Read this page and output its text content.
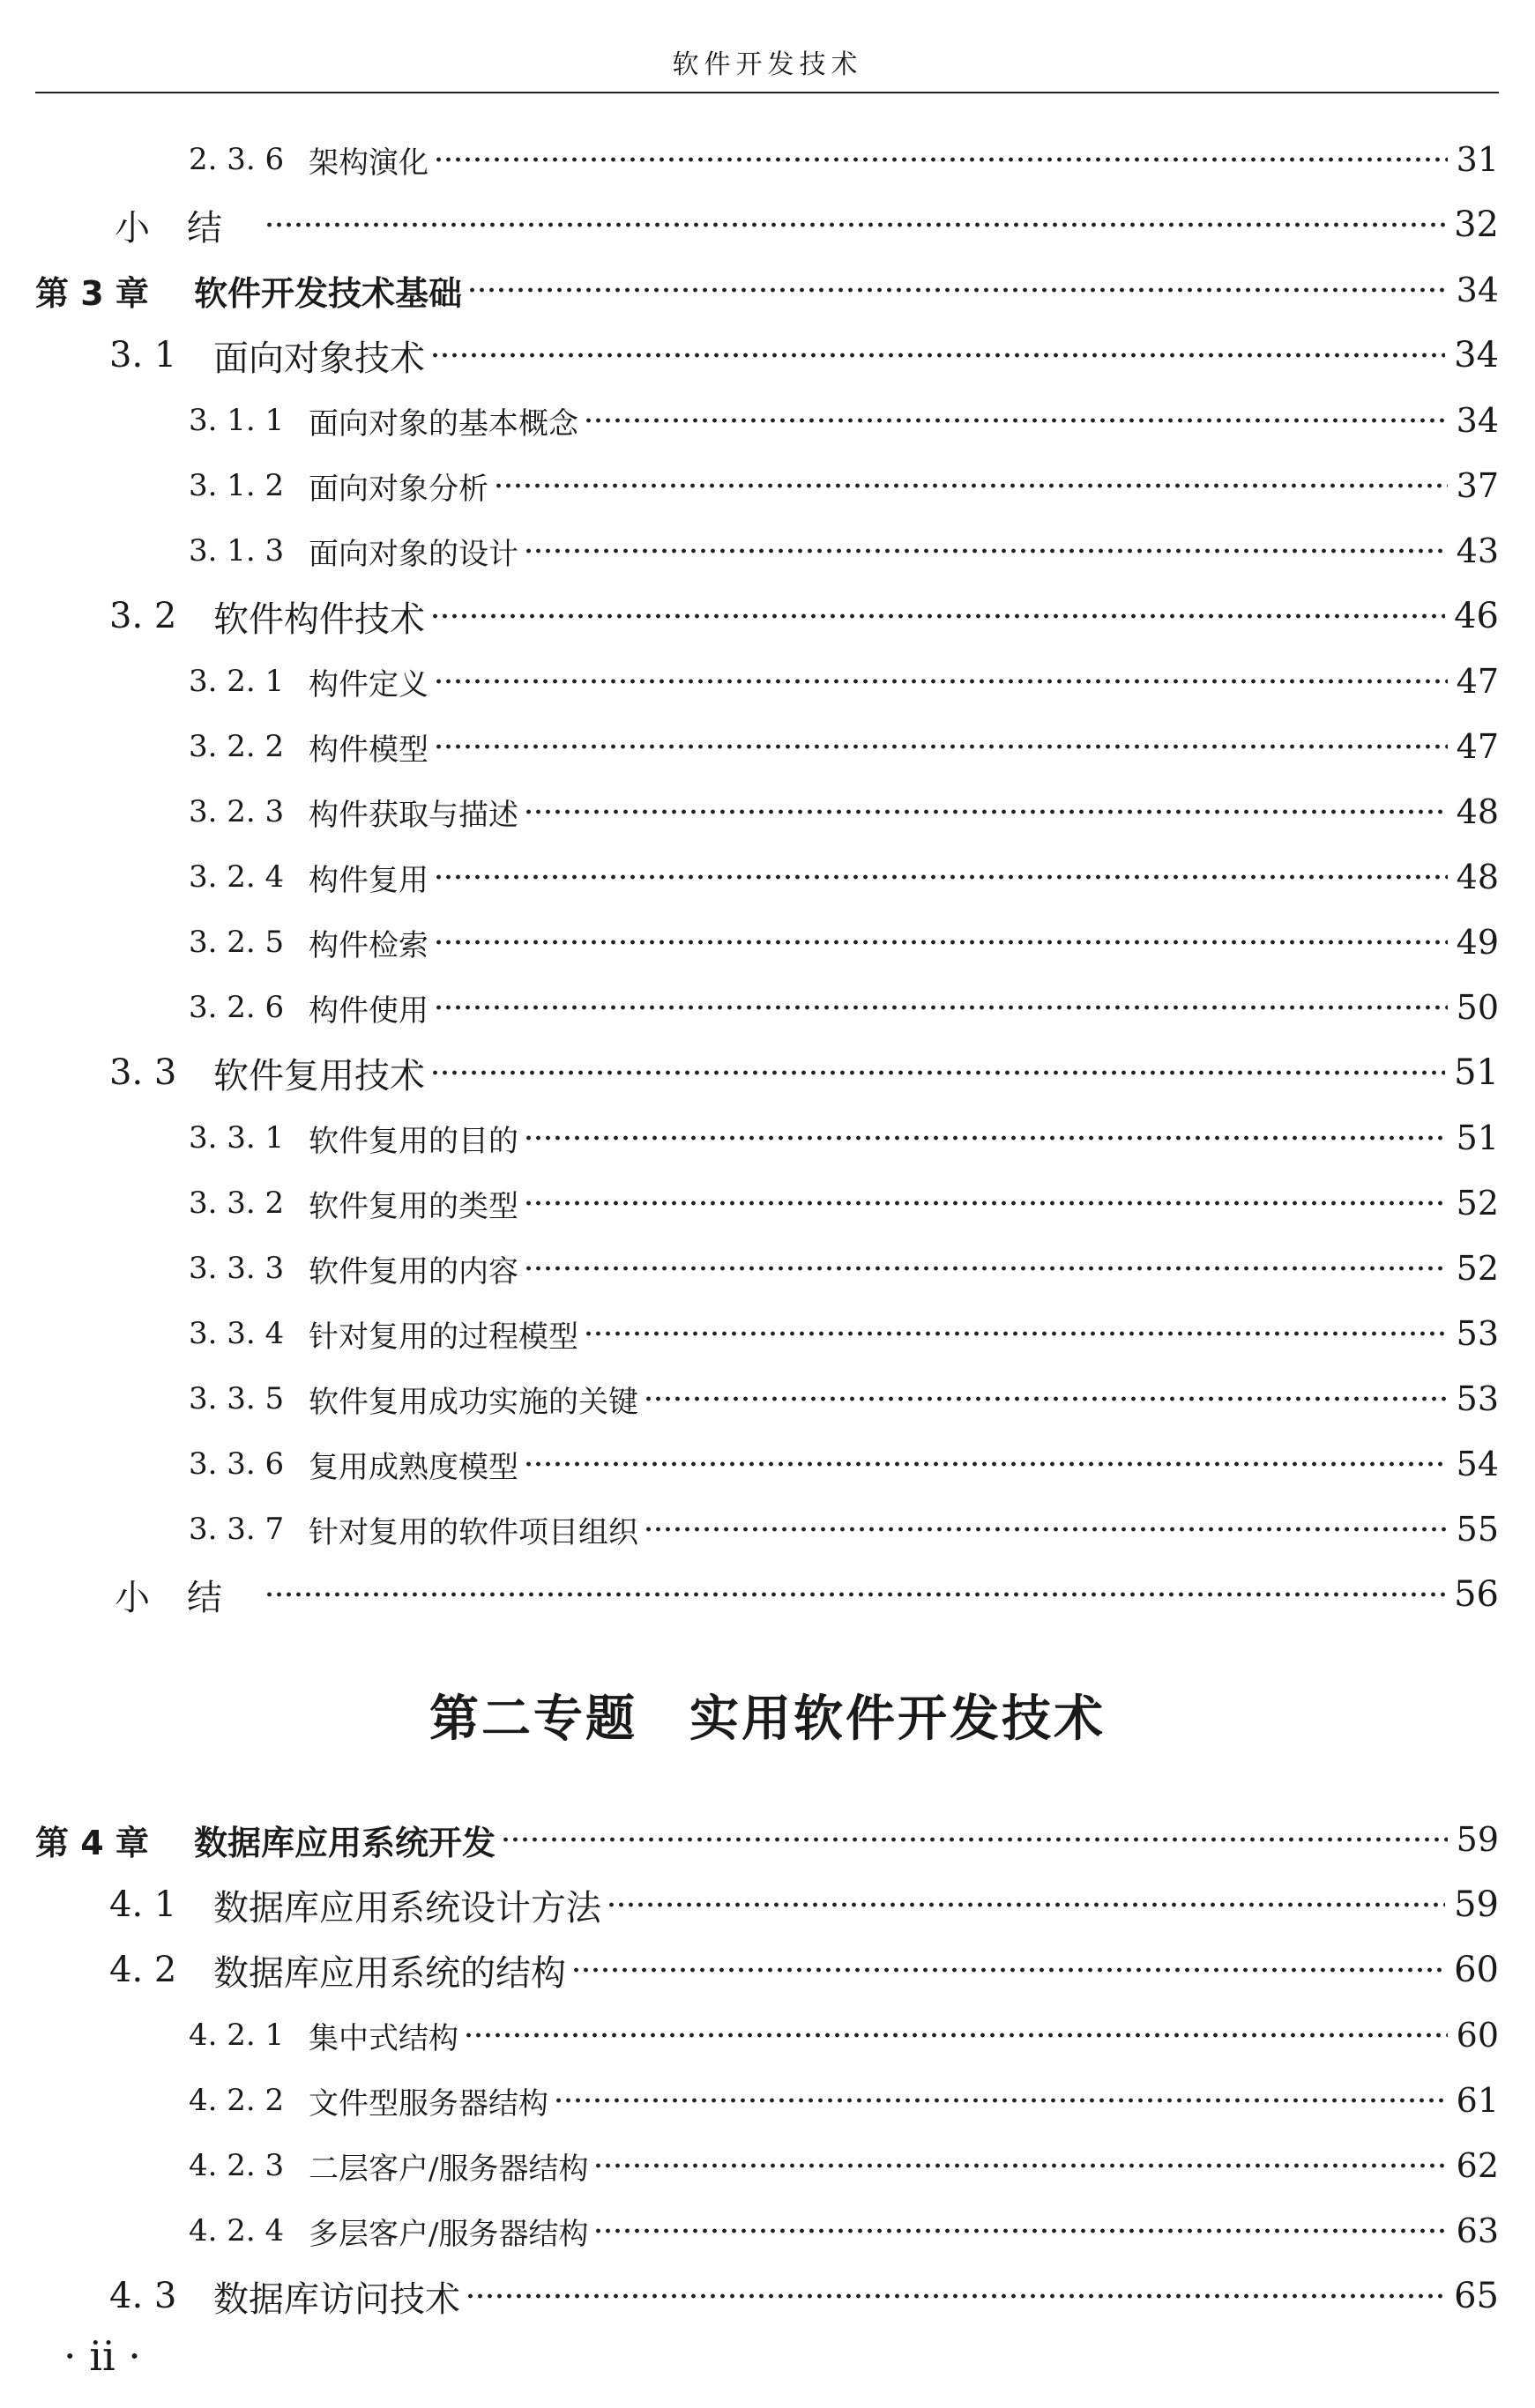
软件开发技术
2. 3. 6 架构演化	31
小结	32
第 3 章	软件开发技术基础	34
3. 1	面向对象技术	34
3. 1. 1 面向对象的基本概念	34
3. 1. 2 面向对象分析	37
3. 1. 3 面向对象的设计	43
3. 2	软件构件技术	46
3. 2. 1 构件定义	47
3. 2. 2 构件模型	47
3. 2. 3 构件获取与描述	48
3. 2. 4 构件复用	48
3. 2. 5 构件检索	49
3. 2. 6 构件使用	50
3. 3	软件复用技术	51
3. 3. 1 软件复用的目的	51
3. 3. 2 软件复用的类型	52
3. 3. 3 软件复用的内容	52
3. 3. 4 针对复用的过程模型	53
3. 3. 5 软件复用成功实施的关键	53
3. 3. 6 复用成熟度模型	54
3. 3. 7 针对复用的软件项目组织	55
小结	56
第二专题　实用软件开发技术
第 4 章	数据库应用系统开发	59
4. 1	数据库应用系统设计方法	59
4. 2	数据库应用系统的结构	60
4. 2. 1 集中式结构	60
4. 2. 2 文件型服务器结构	61
4. 2. 3 二层客户/服务器结构	62
4. 2. 4 多层客户/服务器结构	63
4. 3	数据库访问技术	65
· ii ·
